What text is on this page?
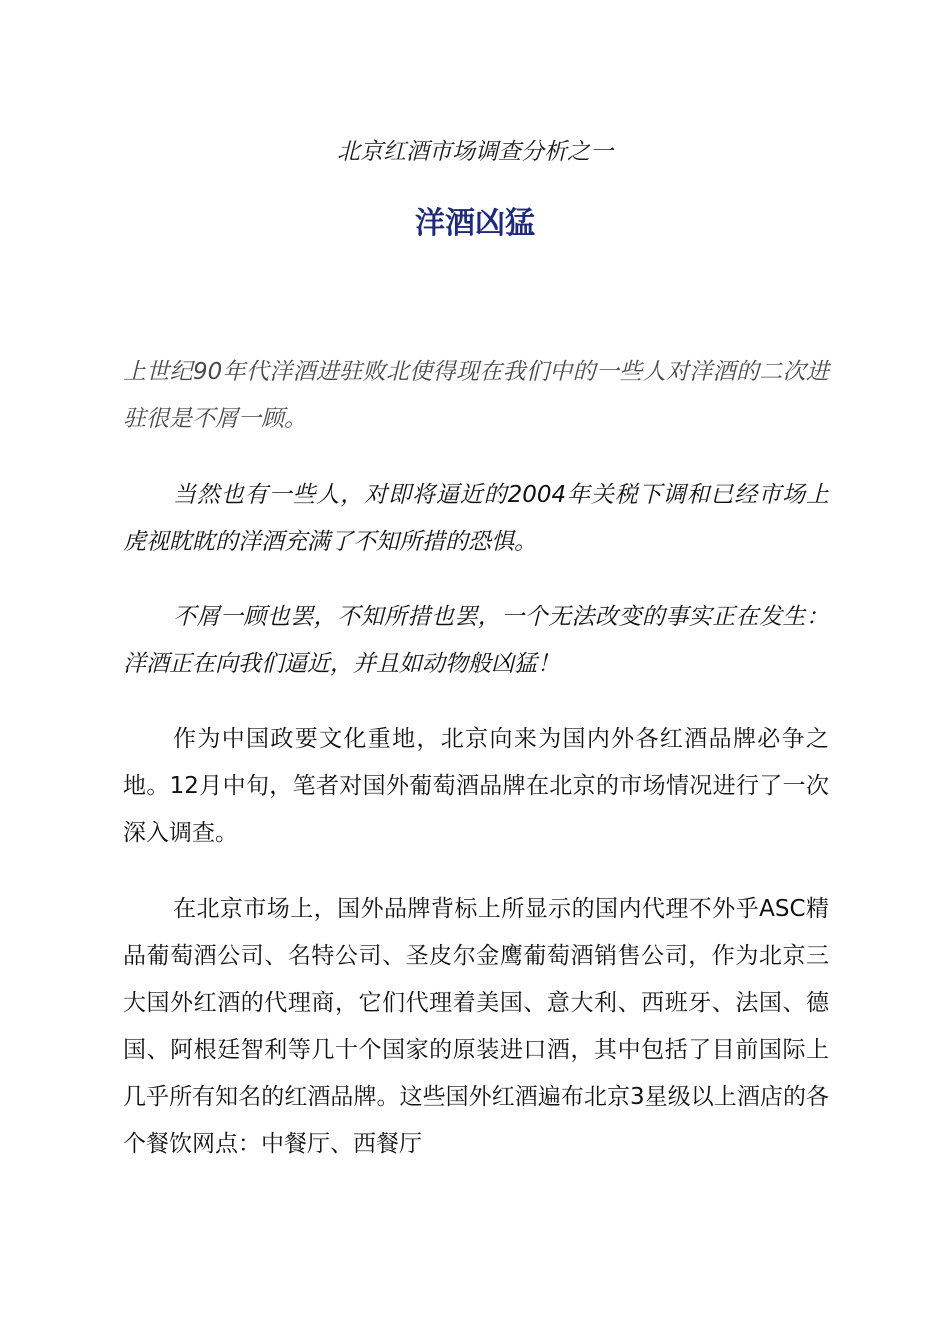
北京红酒市场调查分析之一
洋酒凶猛

上世纪90年代洋酒进驻败北使得现在我们中的一些人对洋酒的二次进驻很是不屑一顾。

当然也有一些人，对即将逼近的2004年关税下调和已经市场上虎视眈眈的洋酒充满了不知所措的恐惧。

不屑一顾也罢，不知所措也罢，一个无法改变的事实正在发生： 洋酒正在向我们逼近，并且如动物般凶猛！

作为中国政要文化重地，北京向来为国内外各红酒品牌必争之地。12月中旬，笔者对国外葡萄酒品牌在北京的市场情况进行了一次深入调查。

在北京市场上，国外品牌背标上所显示的国内代理不外乎ASC精品葡萄酒公司、名特公司、圣皮尔金鹰葡萄酒销售公司，作为北京三大国外红酒的代理商，它们代理着美国、意大利、西班牙、法国、德国、阿根廷智利等几十个国家的原装进口酒，其中包括了目前国际上几乎所有知名的红酒品牌。这些国外红酒遍布北京3星级以上酒店的各个餐饮网点：中餐厅、西餐厅
